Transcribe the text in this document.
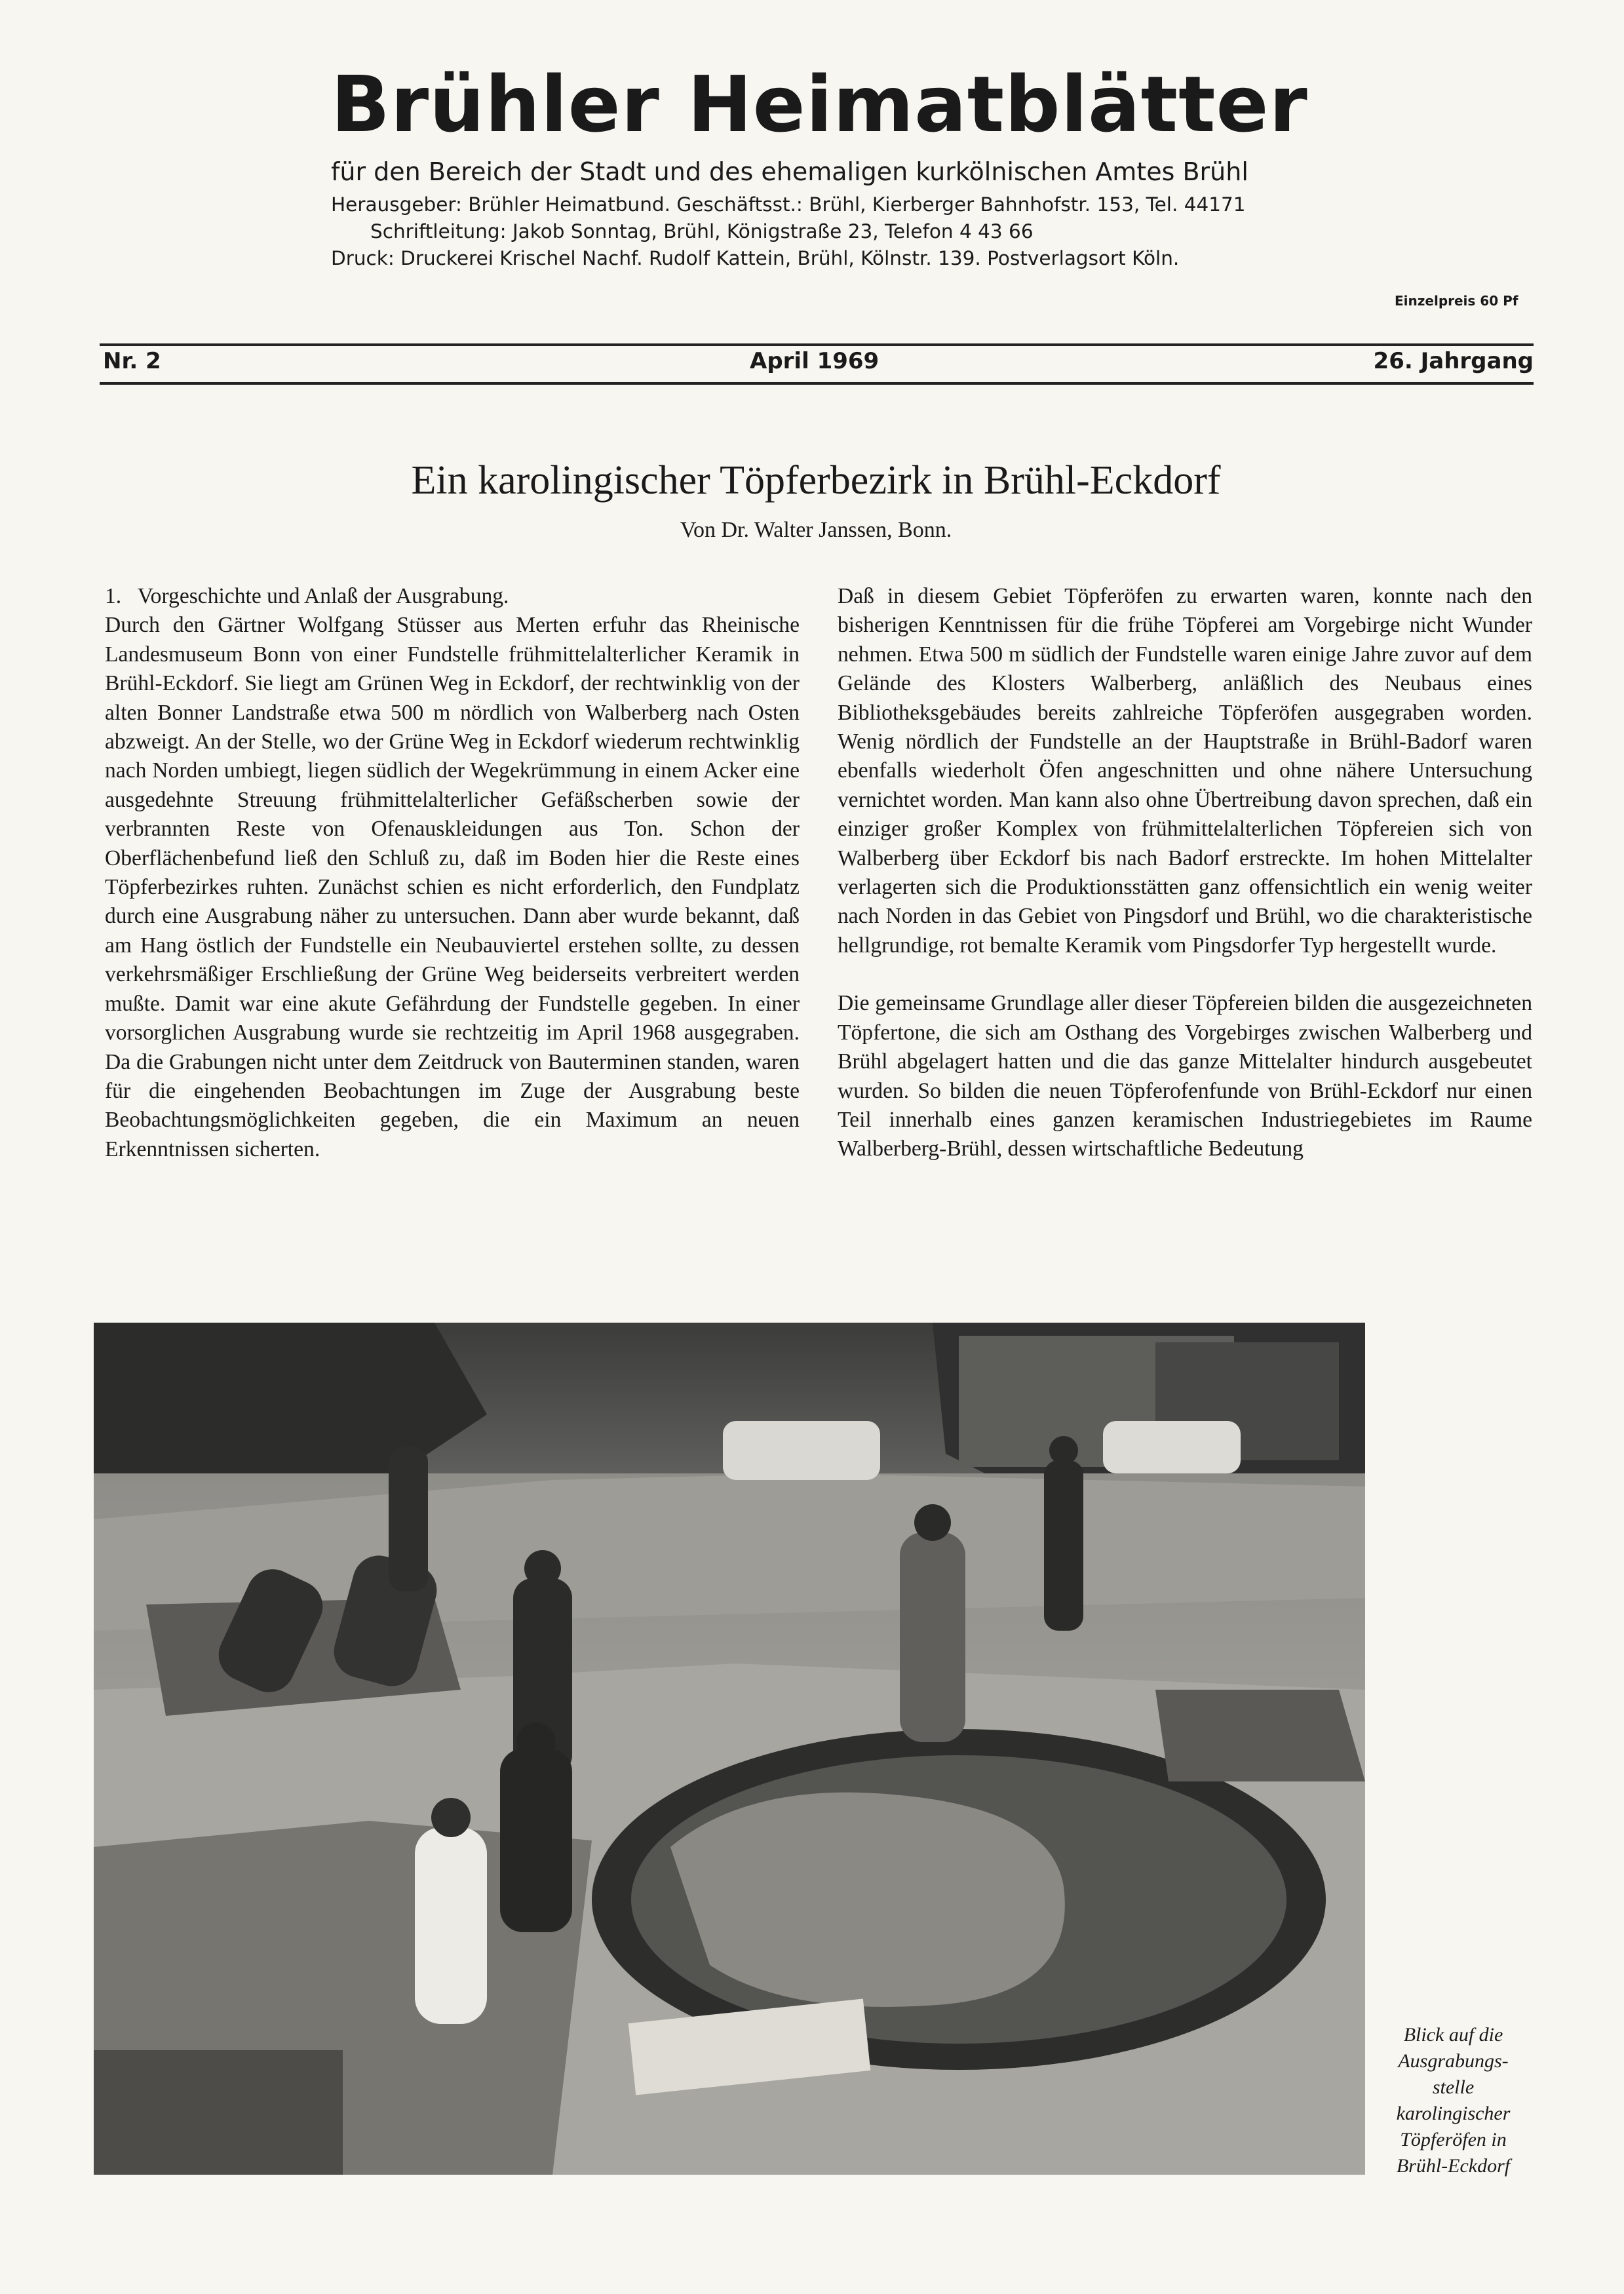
Brühler Heimatblätter
für den Bereich der Stadt und des ehemaligen kurkölnischen Amtes Brühl
Herausgeber: Brühler Heimatbund. Geschäftsst.: Brühl, Kierberger Bahnhofstr. 153, Tel. 44171
Schriftleitung: Jakob Sonntag, Brühl, Königstraße 23, Telefon 4 43 66
Druck: Druckerei Krischel Nachf. Rudolf Kattein, Brühl, Kölnstr. 139. Postverlagsort Köln.
Einzelpreis 60 Pf
Nr. 2	April 1969	26. Jahrgang
Ein karolingischer Töpferbezirk in Brühl-Eckdorf
Von Dr. Walter Janssen, Bonn.

1.   Vorgeschichte und Anlaß der Ausgrabung.

Durch den Gärtner Wolfgang Stüsser aus Merten erfuhr das Rheinische Landesmuseum Bonn von einer Fundstelle frühmittelalterlicher Keramik in Brühl-Eckdorf. Sie liegt am Grünen Weg in Eckdorf, der rechtwinklig von der alten Bonner Landstraße etwa 500 m nördlich von Walberberg nach Osten abzweigt. An der Stelle, wo der Grüne Weg in Eckdorf wiederum rechtwinklig nach Norden umbiegt, liegen südlich der Wegekrümmung in einem Acker eine ausgedehnte Streuung frühmittelalterlicher Gefäßscherben sowie der verbrannten Reste von Ofenauskleidungen aus Ton. Schon der Oberflächenbefund ließ den Schluß zu, daß im Boden hier die Reste eines Töpferbezirkes ruhten. Zunächst schien es nicht erforderlich, den Fundplatz durch eine Ausgrabung näher zu untersuchen. Dann aber wurde bekannt, daß am Hang östlich der Fundstelle ein Neubauviertel erstehen sollte, zu dessen verkehrsmäßiger Erschließung der Grüne Weg beiderseits verbreitert werden mußte. Damit war eine akute Gefährdung der Fundstelle gegeben. In einer vorsorglichen Ausgrabung wurde sie rechtzeitig im April 1968 ausgegraben. Da die Grabungen nicht unter dem Zeitdruck von Bauterminen standen, waren für die eingehenden Beobachtungen im Zuge der Ausgrabung beste Beobachtungsmöglichkeiten gegeben, die ein Maximum an neuen Erkenntnissen sicherten.

Daß in diesem Gebiet Töpferöfen zu erwarten waren, konnte nach den bisherigen Kenntnissen für die frühe Töpferei am Vorgebirge nicht Wunder nehmen. Etwa 500 m südlich der Fundstelle waren einige Jahre zuvor auf dem Gelände des Klosters Walberberg, anläßlich des Neubaus eines Bibliotheksgebäudes bereits zahlreiche Töpferöfen ausgegraben worden. Wenig nördlich der Fundstelle an der Hauptstraße in Brühl-Badorf waren ebenfalls wiederholt Öfen angeschnitten und ohne nähere Untersuchung vernichtet worden. Man kann also ohne Übertreibung davon sprechen, daß ein einziger großer Komplex von frühmittelalterlichen Töpfereien sich von Walberberg über Eckdorf bis nach Badorf erstreckte. Im hohen Mittelalter verlagerten sich die Produktionsstätten ganz offensichtlich ein wenig weiter nach Norden in das Gebiet von Pingsdorf und Brühl, wo die charakteristische hellgrundige, rot bemalte Keramik vom Pingsdorfer Typ hergestellt wurde.

Die gemeinsame Grundlage aller dieser Töpfereien bilden die ausgezeichneten Töpfertone, die sich am Osthang des Vorgebirges zwischen Walberberg und Brühl abgelagert hatten und die das ganze Mittelalter hindurch ausgebeutet wurden. So bilden die neuen Töpferofenfunde von Brühl-Eckdorf nur einen Teil innerhalb eines ganzen keramischen Industriegebietes im Raume Walberberg-Brühl, dessen wirtschaftliche Bedeutung

Blick auf die
Ausgrabungs-
stelle
karolingischer
Töpferöfen in
Brühl-Eckdorf
